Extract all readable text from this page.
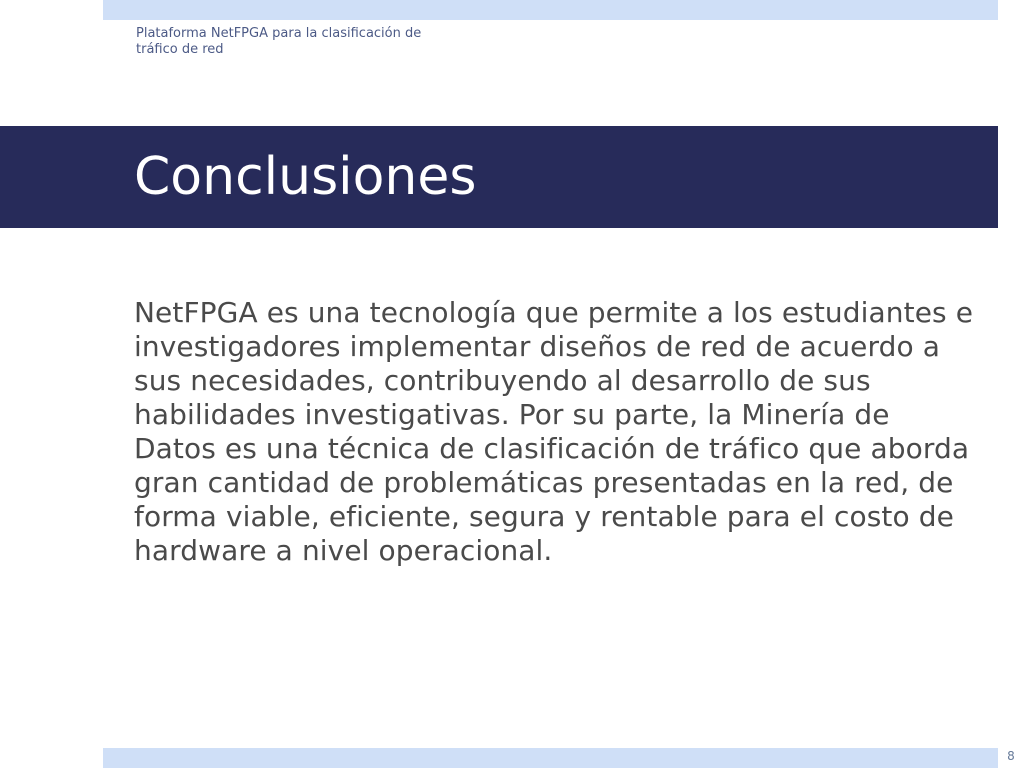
Plataforma NetFPGA para la clasificación de tráfico de red
Conclusiones
NetFPGA es una tecnología que permite a los estudiantes e investigadores implementar diseños de red de acuerdo a sus necesidades, contribuyendo al desarrollo de sus habilidades investigativas. Por su parte, la Minería de Datos es una técnica de clasificación de tráfico que aborda gran cantidad de problemáticas presentadas en la red, de forma viable, eficiente, segura y rentable para el costo de hardware a nivel operacional.
8
